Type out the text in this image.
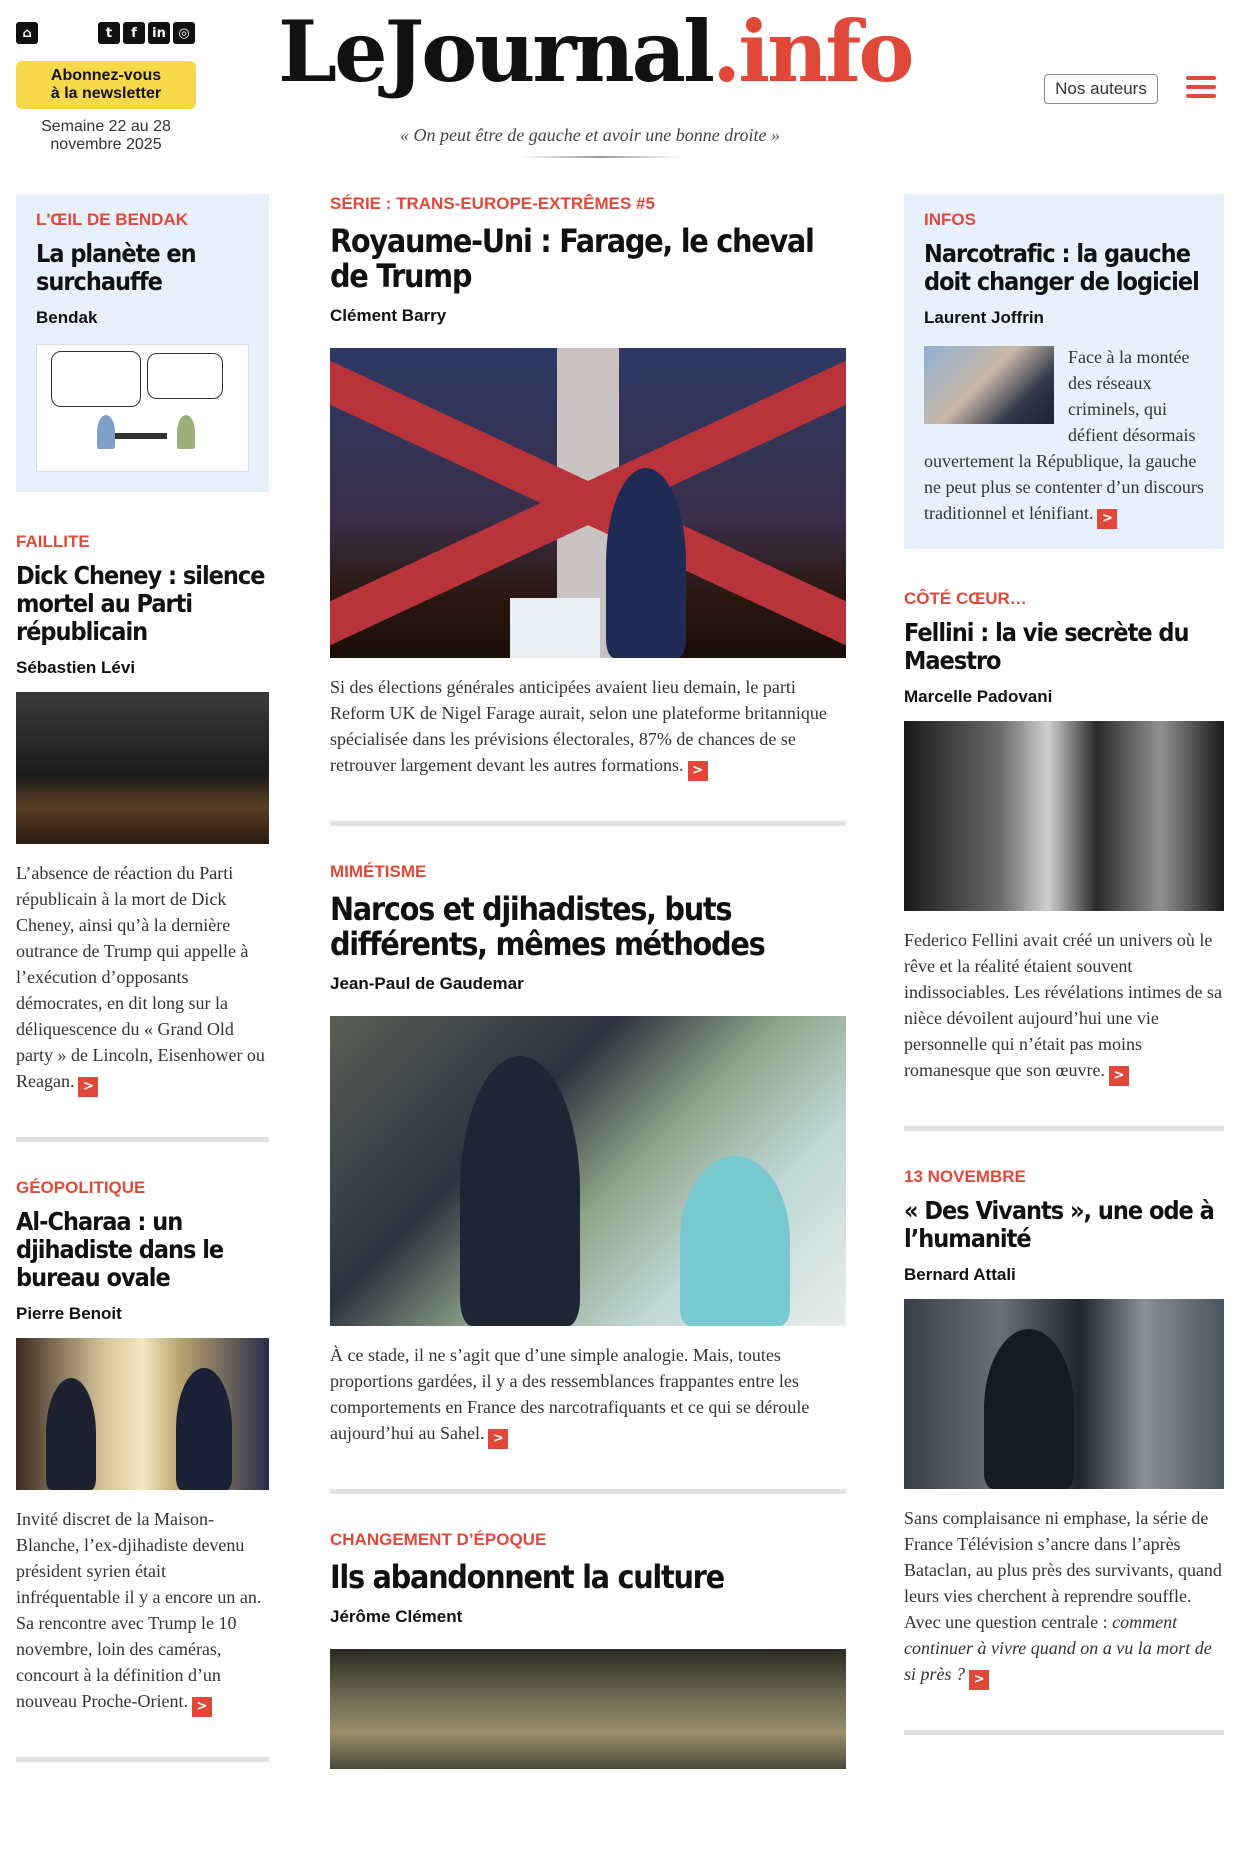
⌂	t	f	in ◎
Abonnez-vous
à la newsletter
Semaine 22 au 28
novembre 2025
LeJournal.info
« On peut être de gauche et avoir une bonne droite »
Nos auteurs
L'ŒIL DE BENDAK
La planète en surchauffe
Bendak
FAILLITE
Dick Cheney : silence mortel au Parti républicain
Sébastien Lévi

L’absence de réaction du Parti républicain à la mort de Dick Cheney, ainsi qu’à la dernière outrance de Trump qui appelle à l’exécution d’opposants démocrates, en dit long sur la déliquescence du « Grand Old party » de Lincoln, Eisenhower ou Reagan. >

GÉOPOLITIQUE
Al-Charaa : un djihadiste dans le bureau ovale
Pierre Benoit

Invité discret de la Maison-Blanche, l’ex-djihadiste devenu président syrien était infréquentable il y a encore un an. Sa rencontre avec Trump le 10 novembre, loin des caméras, concourt à la définition d’un nouveau Proche-Orient. >

SÉRIE : TRANS-EUROPE-EXTRÊMES #5
Royaume-Uni : Farage, le cheval de Trump
Clément Barry

Si des élections générales anticipées avaient lieu demain, le parti Reform UK de Nigel Farage aurait, selon une plateforme britannique spécialisée dans les prévisions électorales, 87% de chances de se retrouver largement devant les autres formations. >

MIMÉTISME
Narcos et djihadistes, buts différents, mêmes méthodes
Jean-Paul de Gaudemar

À ce stade, il ne s’agit que d’une simple analogie. Mais, toutes proportions gardées, il y a des ressemblances frappantes entre les comportements en France des narcotrafiquants et ce qui se déroule aujourd’hui au Sahel. >

CHANGEMENT D’ÉPOQUE
Ils abandonnent la culture
Jérôme Clément
INFOS
Narcotrafic : la gauche doit changer de logiciel
Laurent Joffrin
Face à la montée des réseaux criminels, qui défient désormais ouvertement la République, la gauche ne peut plus se contenter d’un discours traditionnel et lénifiant. >
CÔTÉ CŒUR…
Fellini : la vie secrète du Maestro
Marcelle Padovani

Federico Fellini avait créé un univers où le rêve et la réalité étaient souvent indissociables. Les révélations intimes de sa nièce dévoilent aujourd’hui une vie personnelle qui n’était pas moins romanesque que son œuvre. >

13 NOVEMBRE
« Des Vivants », une ode à l’humanité
Bernard Attali

Sans complaisance ni emphase, la série de France Télévision s’ancre dans l’après Bataclan, au plus près des survivants, quand leurs vies cherchent à reprendre souffle. Avec une question centrale : comment continuer à vivre quand on a vu la mort de si près ? >
